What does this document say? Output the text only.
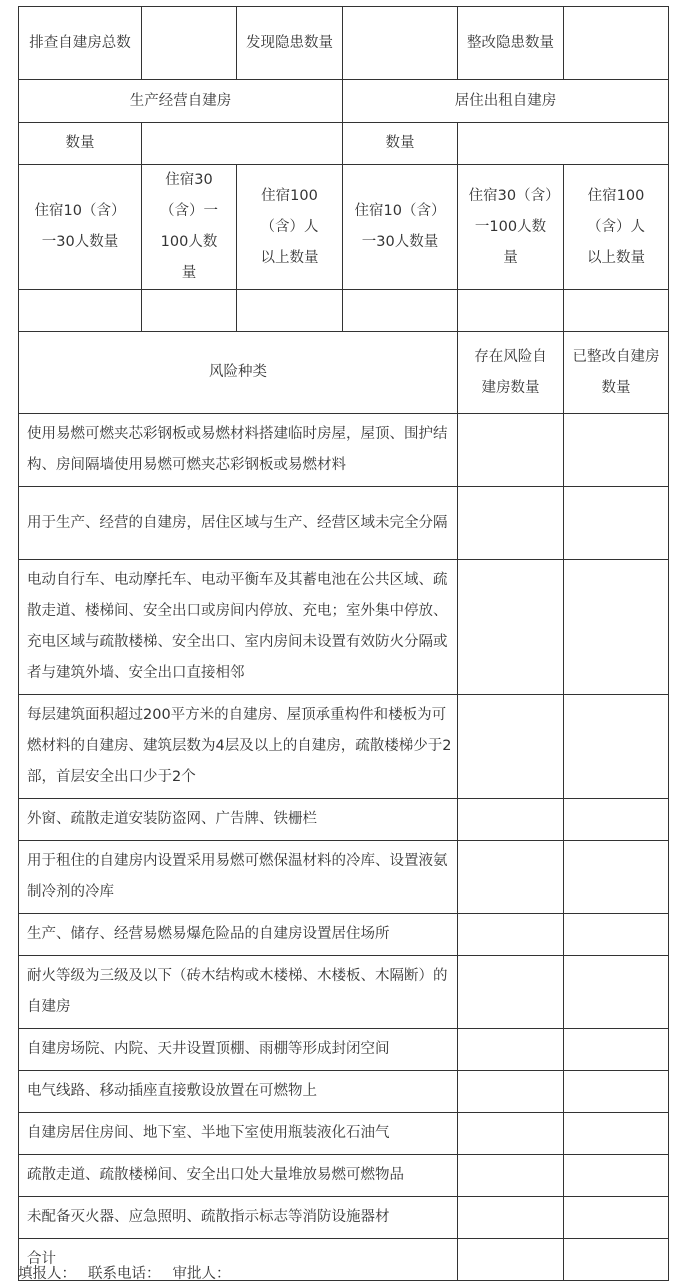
排查自建房总数		发现隐患数量		整改隐患数量	
生产经营自建房			居住出租自建房		
数量			数量		
住宿10（含）一30人数量	住宿30（含）一100人数量	住宿100（含）人以上数量	住宿10（含）一30人数量	住宿30（含）一100人数量	住宿100（含）人以上数量

风险种类				存在风险自建房数量	已整改自建房数量
使用易燃可燃夹芯彩钢板或易燃材料搭建临时房屋，屋顶、围护结构、房间隔墙使用易燃可燃夹芯彩钢板或易燃材料					
用于生产、经营的自建房，居住区域与生产、经营区域未完全分隔					
电动自行车、电动摩托车、电动平衡车及其蓄电池在公共区域、疏散走道、楼梯间、安全出口或房间内停放、充电；室外集中停放、充电区域与疏散楼梯、安全出口、室内房间未设置有效防火分隔或者与建筑外墙、安全出口直接相邻					
每层建筑面积超过200平方米的自建房、屋顶承重构件和楼板为可燃材料的自建房、建筑层数为4层及以上的自建房，疏散楼梯少于2部，首层安全出口少于2个					
外窗、疏散走道安装防盗网、广告牌、铁栅栏					
用于租住的自建房内设置采用易燃可燃保温材料的冷库、设置液氨制冷剂的冷库					
生产、储存、经营易燃易爆危险品的自建房设置居住场所					
耐火等级为三级及以下（砖木结构或木楼梯、木楼板、木隔断）的自建房					
自建房场院、内院、天井设置顶棚、雨棚等形成封闭空间					
电气线路、移动插座直接敷设放置在可燃物上					
自建房居住房间、地下室、半地下室使用瓶装液化石油气					
疏散走道、疏散楼梯间、安全出口处大量堆放易燃可燃物品					
未配备灭火器、应急照明、疏散指示标志等消防设施器材					
合计					
填报人： 联系电话： 审批人：
